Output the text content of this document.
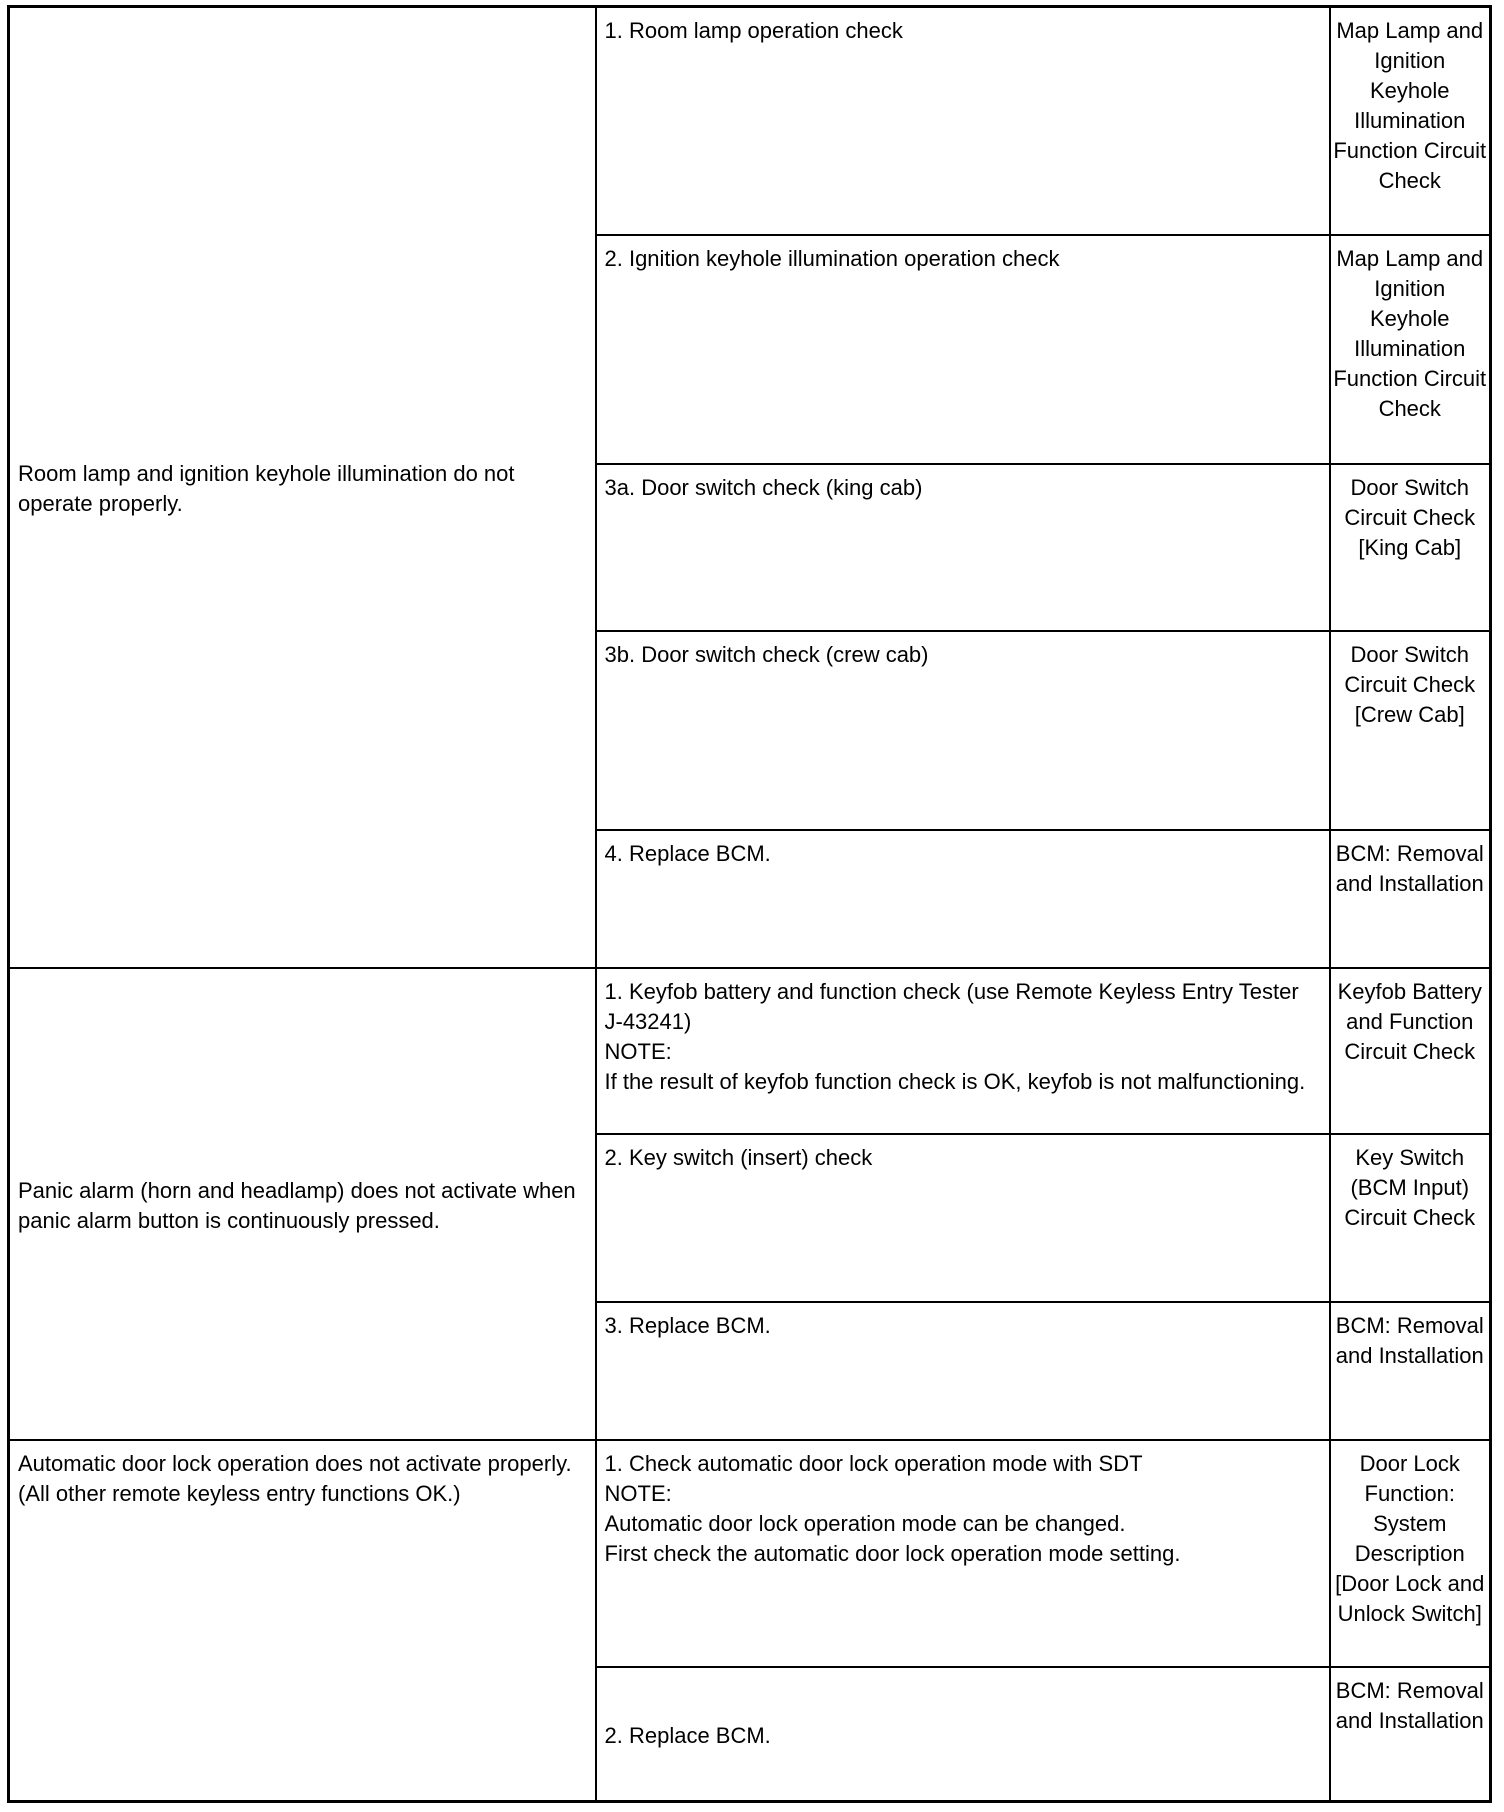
Room lamp and ignition keyhole illumination do not operate properly.	1. Room lamp operation check	Map Lamp and Ignition Keyhole Illumination Function Circuit Check

	2. Ignition keyhole illumination operation check	Map Lamp and Ignition Keyhole Illumination Function Circuit Check

	3a. Door switch check (king cab)	Door Switch Circuit Check [King Cab]

	3b. Door switch check (crew cab)	Door Switch Circuit Check [Crew Cab]

	4. Replace BCM.	BCM: Removal and Installation
Panic alarm (horn and headlamp) does not activate when panic alarm button is continuously pressed.	1. Keyfob battery and function check (use Remote Keyless Entry Tester J-43241)
NOTE:
If the result of keyfob function check is OK, keyfob is not malfunctioning.	Keyfob Battery and Function Circuit Check

	2. Key switch (insert) check	Key Switch (BCM Input) Circuit Check

	3. Replace BCM.	BCM: Removal and Installation

Automatic door lock operation does not activate properly.
(All other remote keyless entry functions OK.)	1. Check automatic door lock operation mode with SDT
NOTE:
Automatic door lock operation mode can be changed.
First check the automatic door lock operation mode setting.	Door Lock Function: System Description [Door Lock and Unlock Switch]

	2. Replace BCM.	BCM: Removal and Installation
